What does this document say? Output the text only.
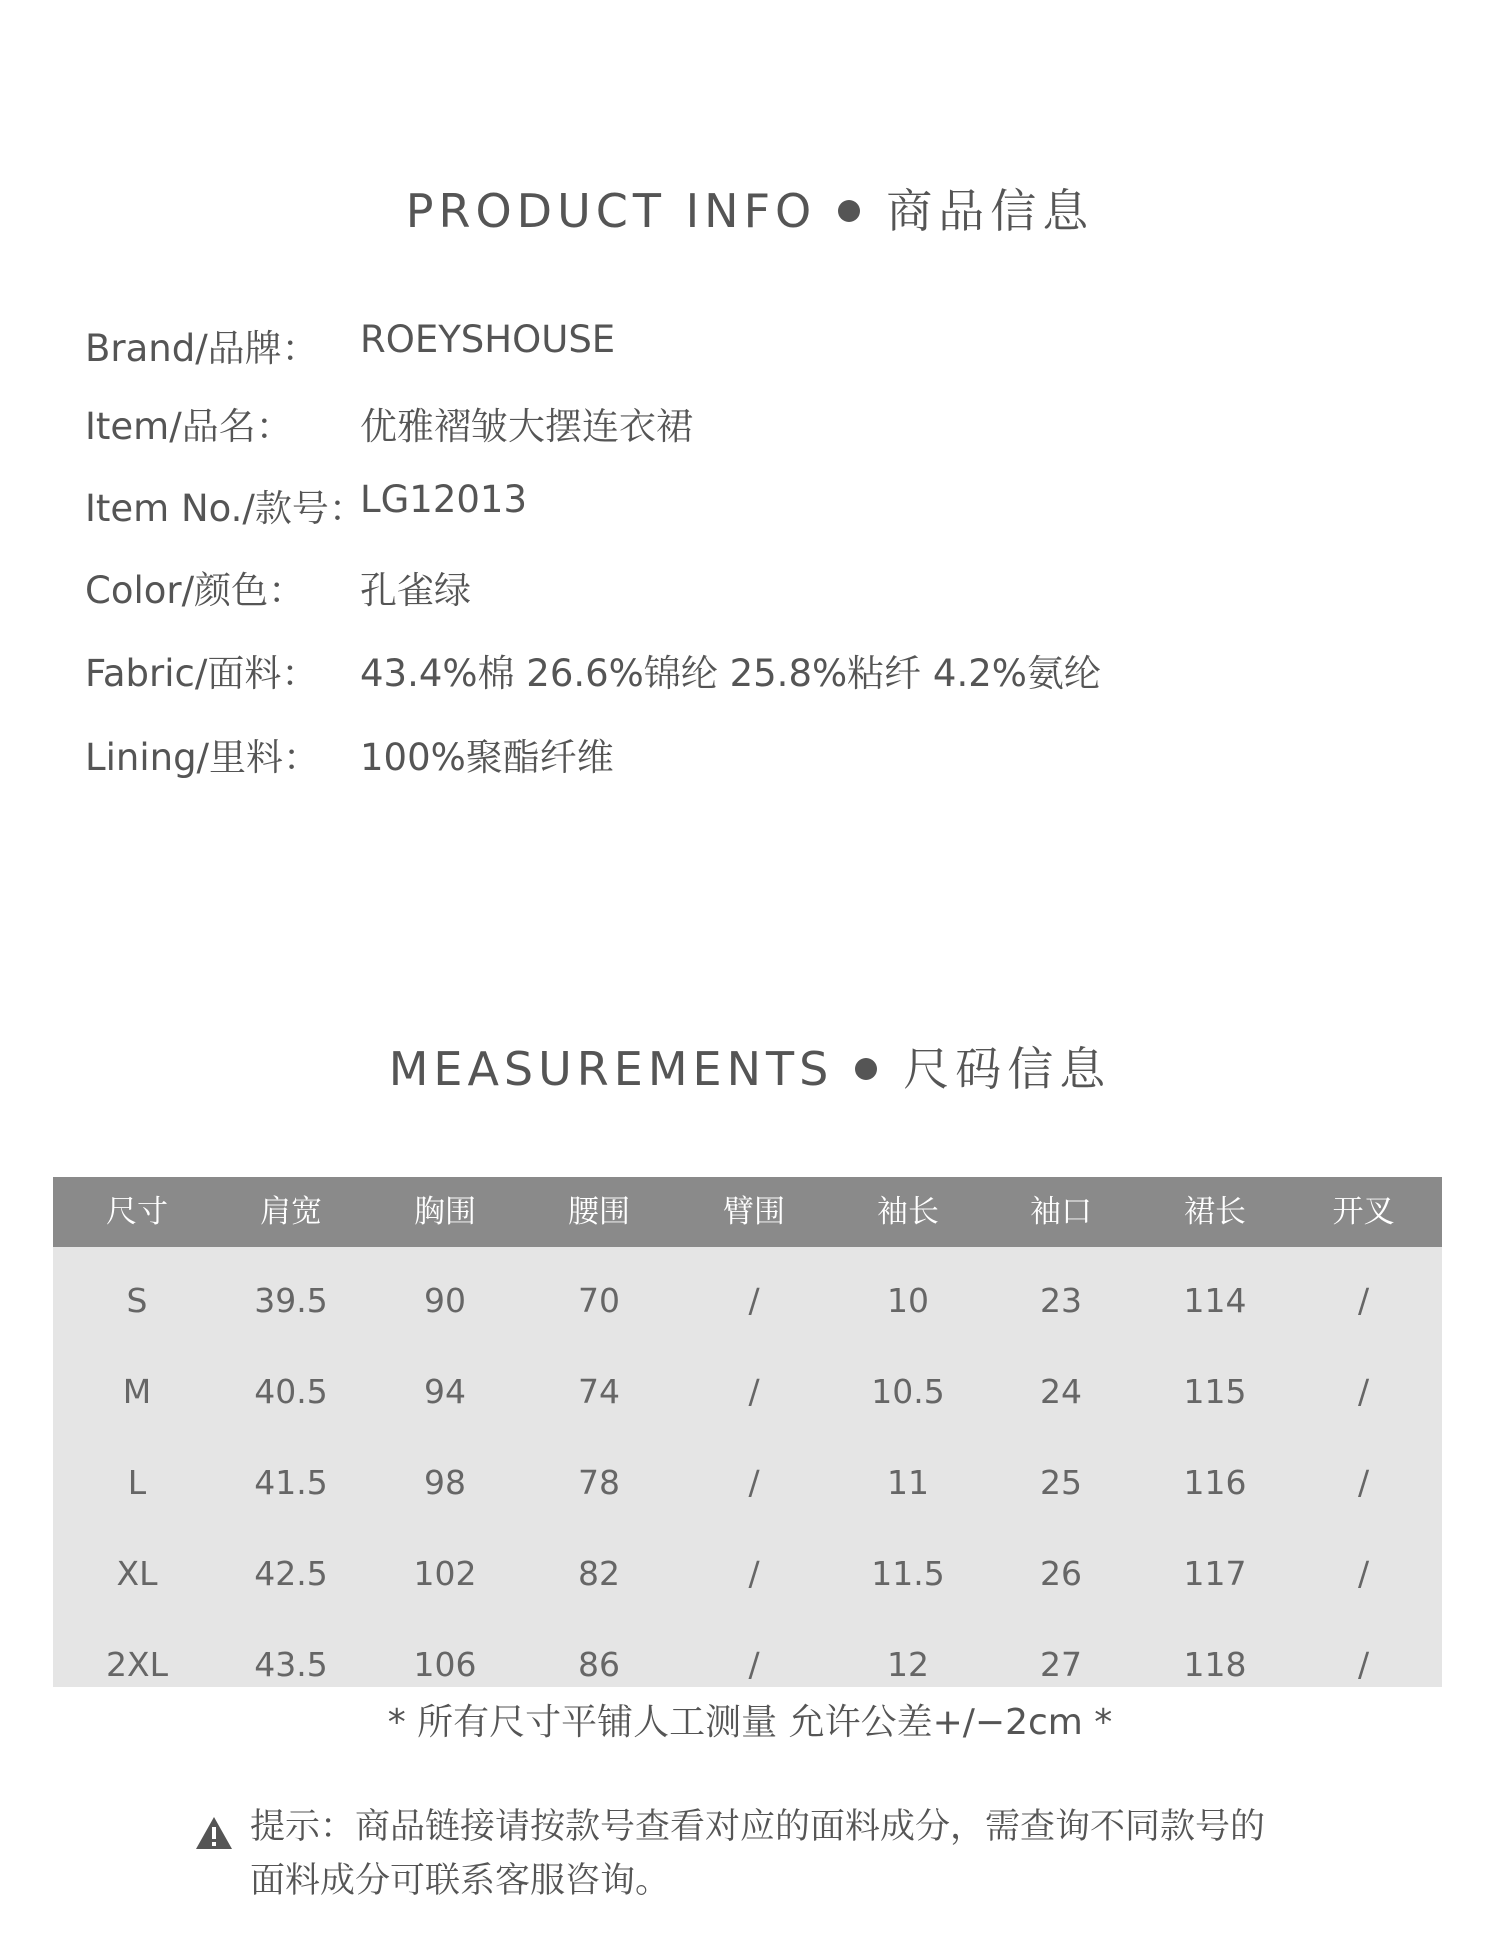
PRODUCT INFO 商品信息
Brand/品牌： ROEYSHOUSE
Item/品名： 优雅褶皱大摆连衣裙
Item No./款号：
LG12013
Color/颜色： 孔雀绿
Fabric/面料： 43.4%棉 26.6%锦纶 25.8%粘纤 4.2%氨纶
Lining/里料： 100%聚酯纤维
MEASUREMENTS 尺码信息
尺寸	肩宽	胸围	腰围	臂围	袖长	袖口	裙长	开叉
S	39.5	90	70	/	10	23	114	/
M	40.5	94	74	/	10.5	24	115	/
L	41.5	98	78	/	11	25	116	/
XL	42.5	102	82	/	11.5	26	117	/
2XL	43.5	106	86	/	12	27	118	/
* 所有尺寸平铺人工测量 允许公差+/−2cm *
提示：商品链接请按款号查看对应的面料成分，需查询不同款号的
面料成分可联系客服咨询。
